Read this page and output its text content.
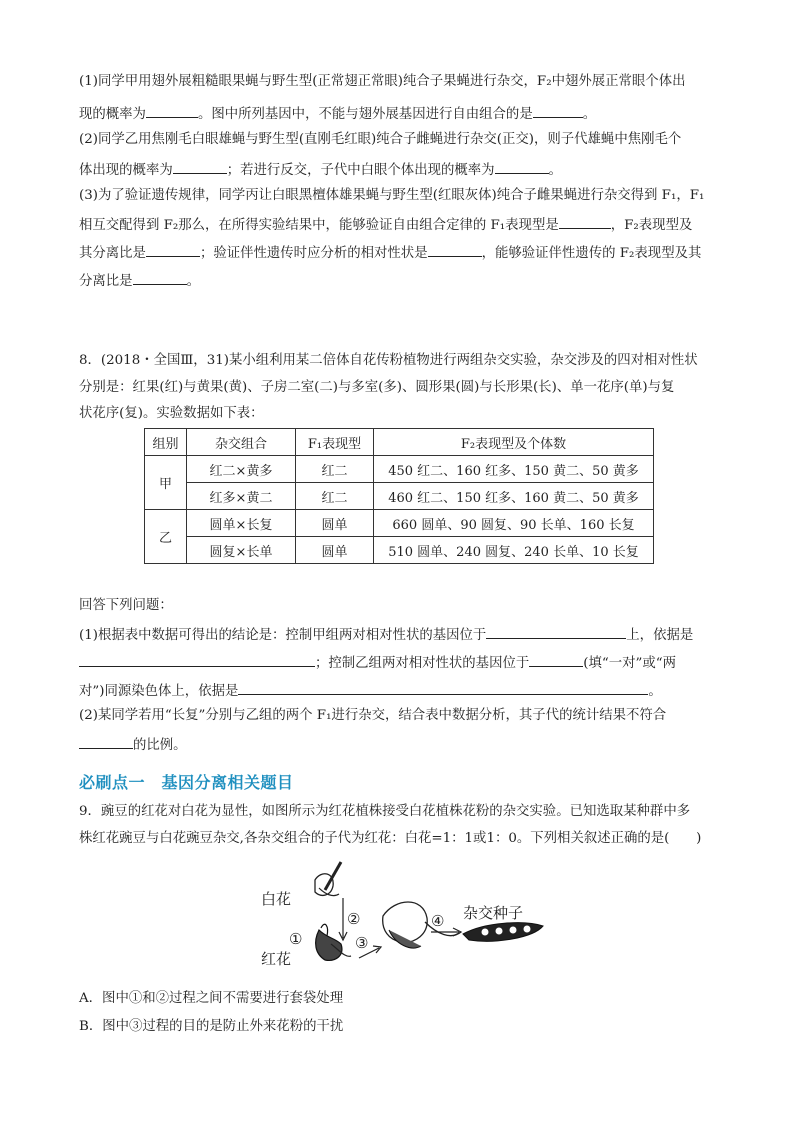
(1)同学甲用翅外展粗糙眼果蝇与野生型(正常翅正常眼)纯合子果蝇进行杂交，F₂中翅外展正常眼个体出
现的概率为	。图中所列基因中，不能与翅外展基因进行自由组合的是	。
(2)同学乙用焦刚毛白眼雄蝇与野生型(直刚毛红眼)纯合子雌蝇进行杂交(正交)，则子代雄蝇中焦刚毛个
体出现的概率为	；若进行反交，子代中白眼个体出现的概率为	。
(3)为了验证遗传规律，同学丙让白眼黑檀体雄果蝇与野生型(红眼灰体)纯合子雌果蝇进行杂交得到 F₁，F₁
相互交配得到 F₂那么，在所得实验结果中，能够验证自由组合定律的 F₁表现型是	，F₂表现型及
其分离比是	；验证伴性遗传时应分析的相对性状是	，能够验证伴性遗传的 F₂表现型及其
分离比是	。
8．(2018・全国Ⅲ，31)某小组利用某二倍体自花传粉植物进行两组杂交实验，杂交涉及的四对相对性状
分别是：红果(红)与黄果(黄)、子房二室(二)与多室(多)、圆形果(圆)与长形果(长)、单一花序(单)与复
状花序(复)。实验数据如下表：
组别	杂交组合	F₁表现型	F₂表现型及个体数
甲	红二×黄多	红二	450 红二、160 红多、150 黄二、50 黄多
	红多×黄二	红二	460 红二、150 红多、160 黄二、50 黄多
乙	圆单×长复	圆单	660 圆单、90 圆复、90 长单、160 长复
	圆复×长单	圆单	510 圆单、240 圆复、240 长单、10 长复
回答下列问题：
(1)根据表中数据可得出的结论是：控制甲组两对相对性状的基因位于	上，依据是
；控制乙组两对相对性状的基因位于	(填“一对”或“两
对”)同源染色体上，依据是	。
(2)某同学若用“长复”分别与乙组的两个 F₁进行杂交，结合表中数据分析，其子代的统计结果不符合
的比例。
必刷点一　基因分离相关题目
9．豌豆的红花对白花为显性，如图所示为红花植株接受白花植株花粉的杂交实验。已知选取某种群中多
株红花豌豆与白花豌豆杂交,各杂交组合的子代为红花：白花=1：1或1：0。下列相关叙述正确的是(　　)
白花
红花
杂交种子
①
②
③
④
A．图中①和②过程之间不需要进行套袋处理
B．图中③过程的目的是防止外来花粉的干扰
